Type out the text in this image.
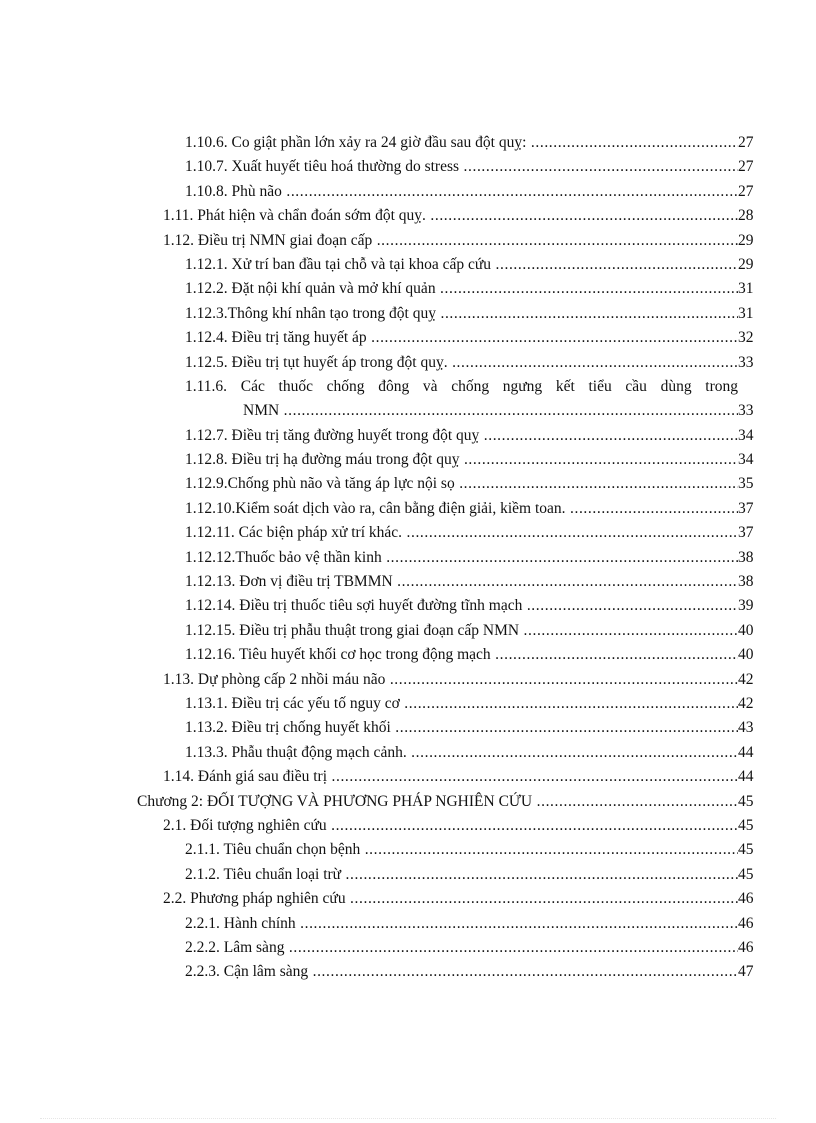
1.10.6. Co giật phần lớn xảy ra 24 giờ đầu sau đột quỵ: .....	27
1.10.7. Xuất huyết tiêu hoá thường do stress .....	27
1.10.8. Phù não .....	27
1.11. Phát hiện và chẩn đoán sớm đột quỵ. .....	28
1.12. Điều trị NMN giai đoạn cấp .....	29
1.12.1. Xử trí ban đầu tại chỗ và tại khoa cấp cứu .....	29
1.12.2. Đặt nội khí quản và mở khí quản .....	31
1.12.3.Thông khí nhân tạo trong đột quỵ .....	31
1.12.4. Điều trị tăng huyết áp .....	32
1.12.5. Điều trị tụt huyết áp trong đột quỵ. .....	33
1.11.6. Các thuốc chống đông và chống ngưng kết tiểu cầu dùng trong
NMN .....	33
1.12.7. Điều trị tăng đường huyết trong đột quỵ .....	34
1.12.8. Điều trị hạ đường máu trong đột quỵ .....	34
1.12.9.Chống phù não và tăng áp lực nội sọ .....	35
1.12.10.Kiểm soát dịch vào ra, cân bằng điện giải, kiềm toan. .....	37
1.12.11. Các biện pháp xử trí khác. .....	37
1.12.12.Thuốc bảo vệ thần kinh .....	38
1.12.13. Đơn vị điều trị TBMMN .....	38
1.12.14. Điều trị thuốc tiêu sợi huyết đường tĩnh mạch .....	39
1.12.15. Điều trị phẫu thuật trong giai đoạn cấp NMN .....	40
1.12.16. Tiêu huyết khối cơ học trong động mạch .....	40
1.13. Dự phòng cấp 2 nhồi máu não .....	42
1.13.1. Điều trị các yếu tố nguy cơ .....	42
1.13.2. Điều trị chống huyết khối .....	43
1.13.3. Phẫu thuật động mạch cảnh. .....	44
1.14. Đánh giá sau điều trị .....	44
Chương 2: ĐỐI TƯỢNG VÀ PHƯƠNG PHÁP NGHIÊN CỨU .....	45
2.1. Đối tượng nghiên cứu .....	45
2.1.1. Tiêu chuẩn chọn bệnh .....	45
2.1.2. Tiêu chuẩn loại trừ .....	45
2.2. Phương pháp nghiên cứu .....	46
2.2.1. Hành chính .....	46
2.2.2. Lâm sàng .....	46
2.2.3. Cận lâm sàng .....	47
